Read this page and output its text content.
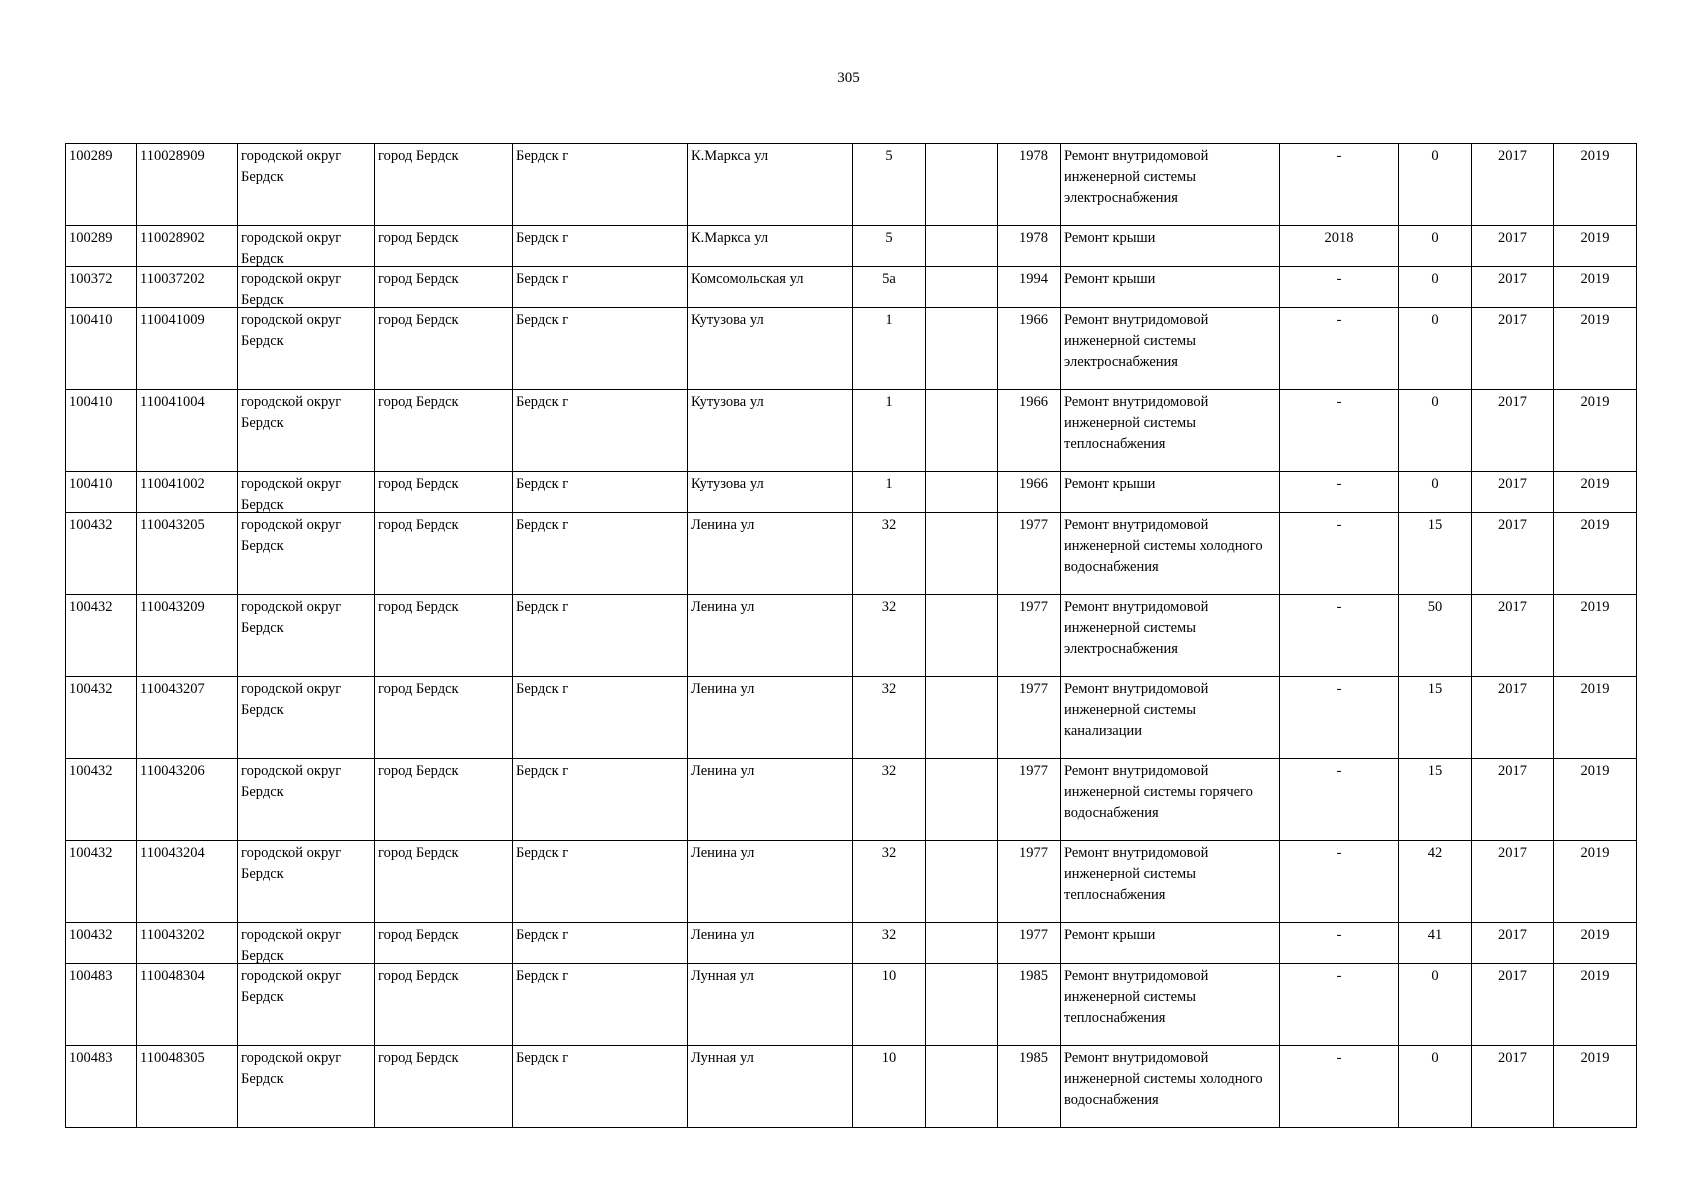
305
100289	110028909	городской округ Бердск	город Бердск	Бердск г	К.Маркса ул	5		1978	Ремонт внутридомовой инженерной системы электроснабжения	-	0	2017	2019
100289	110028902	городской округ Бердск	город Бердск	Бердск г	К.Маркса ул	5		1978	Ремонт крыши	2018	0	2017	2019
100372	110037202	городской округ Бердск	город Бердск	Бердск г	Комсомольская ул	5а		1994	Ремонт крыши	-	0	2017	2019
100410	110041009	городской округ Бердск	город Бердск	Бердск г	Кутузова ул	1		1966	Ремонт внутридомовой инженерной системы электроснабжения	-	0	2017	2019
100410	110041004	городской округ Бердск	город Бердск	Бердск г	Кутузова ул	1		1966	Ремонт внутридомовой инженерной системы теплоснабжения	-	0	2017	2019
100410	110041002	городской округ Бердск	город Бердск	Бердск г	Кутузова ул	1		1966	Ремонт крыши	-	0	2017	2019
100432	110043205	городской округ Бердск	город Бердск	Бердск г	Ленина ул	32		1977	Ремонт внутридомовой инженерной системы холодного водоснабжения	-	15	2017	2019
100432	110043209	городской округ Бердск	город Бердск	Бердск г	Ленина ул	32		1977	Ремонт внутридомовой инженерной системы электроснабжения	-	50	2017	2019
100432	110043207	городской округ Бердск	город Бердск	Бердск г	Ленина ул	32		1977	Ремонт внутридомовой инженерной системы канализации	-	15	2017	2019
100432	110043206	городской округ Бердск	город Бердск	Бердск г	Ленина ул	32		1977	Ремонт внутридомовой инженерной системы горячего водоснабжения	-	15	2017	2019
100432	110043204	городской округ Бердск	город Бердск	Бердск г	Ленина ул	32		1977	Ремонт внутридомовой инженерной системы теплоснабжения	-	42	2017	2019
100432	110043202	городской округ Бердск	город Бердск	Бердск г	Ленина ул	32		1977	Ремонт крыши	-	41	2017	2019
100483	110048304	городской округ Бердск	город Бердск	Бердск г	Лунная ул	10		1985	Ремонт внутридомовой инженерной системы теплоснабжения	-	0	2017	2019
100483	110048305	городской округ Бердск	город Бердск	Бердск г	Лунная ул	10		1985	Ремонт внутридомовой инженерной системы холодного водоснабжения	-	0	2017	2019
